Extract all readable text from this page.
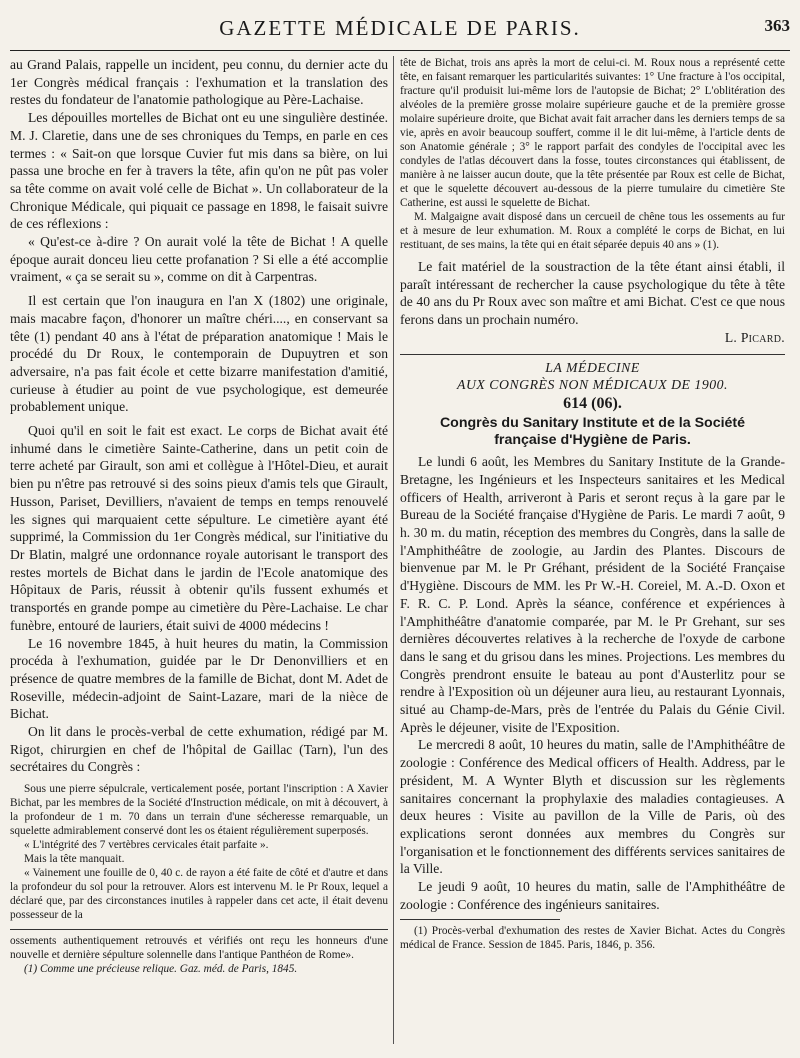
GAZETTE MÉDICALE DE PARIS.	363

au Grand Palais, rappelle un incident, peu connu, du dernier acte du 1er Congrès médical français : l'exhumation et la translation des restes du fondateur de l'anatomie pathologique au Père-Lachaise.

Les dépouilles mortelles de Bichat ont eu une singulière destinée. M. J. Claretie, dans une de ses chroniques du Temps, en parle en ces termes : « Sait-on que lorsque Cuvier fut mis dans sa bière, on lui passa une broche en fer à travers la tête, afin qu'on ne pût pas voler sa tête comme on avait volé celle de Bichat ». Un collaborateur de la Chronique Médicale, qui piquait ce passage en 1898, le faisait suivre de ces réflexions :

« Qu'est-ce à-dire ? On aurait volé la tête de Bichat ! A quelle époque aurait donceu lieu cette profanation ? Si elle a été accomplie vraiment, « ça se serait su », comme on dit à Carpentras.

Il est certain que l'on inaugura en l'an X (1802) une originale, mais macabre façon, d'honorer un maître chéri...., en conservant sa tête (1) pendant 40 ans à l'état de préparation anatomique ! Mais le procédé du Dr Roux, le contemporain de Dupuytren et son adversaire, n'a pas fait école et cette bizarre manifestation d'amitié, curieuse à étudier au point de vue psychologique, est demeurée probablement unique.

Quoi qu'il en soit le fait est exact. Le corps de Bichat avait été inhumé dans le cimetière Sainte-Catherine, dans un petit coin de terre acheté par Girault, son ami et collègue à l'Hôtel-Dieu, et aurait bien pu n'être pas retrouvé si des soins pieux d'amis tels que Girault, Husson, Pariset, Devilliers, n'avaient de temps en temps renouvelé les signes qui marquaient cette sépulture. Le cimetière ayant été supprimé, la Commission du 1er Congrès médical, sur l'initiative du Dr Blatin, malgré une ordonnance royale autorisant le transport des restes mortels de Bichat dans le jardin de l'Ecole anatomique des Hôpitaux de Paris, réussit à obtenir qu'ils fussent exhumés et transportés en grande pompe au cimetière du Père-Lachaise. Le char funèbre, entouré de lauriers, était suivi de 4000 médecins !

Le 16 novembre 1845, à huit heures du matin, la Commission procéda à l'exhumation, guidée par le Dr Denonvilliers et en présence de quatre membres de la famille de Bichat, dont M. Adet de Roseville, médecin-adjoint de Saint-Lazare, mari de la nièce de Bichat.

On lit dans le procès-verbal de cette exhumation, rédigé par M. Rigot, chirurgien en chef de l'hôpital de Gaillac (Tarn), l'un des secrétaires du Congrès :

Sous une pierre sépulcrale, verticalement posée, portant l'inscription : A Xavier Bichat, par les membres de la Société d'Instruction médicale, on mit à découvert, à la profondeur de 1 m. 70 dans un terrain d'une sécheresse remarquable, un squelette admirablement conservé dont les os étaient régulièrement superposés.

« L'intégrité des 7 vertèbres cervicales était parfaite ».

Mais la tête manquait.

« Vainement une fouille de 0, 40 c. de rayon a été faite de côté et d'autre et dans la profondeur du sol pour la retrouver. Alors est intervenu M. le Pr Roux, lequel a déclaré que, par des circonstances inutiles à rappeler dans cet acte, il était devenu possesseur de la

ossements authentiquement retrouvés et vérifiés ont reçu les honneurs d'une nouvelle et dernière sépulture solennelle dans l'antique Panthéon de Rome».

(1) Comme une précieuse relique. Gaz. méd. de Paris, 1845.

tête de Bichat, trois ans après la mort de celui-ci. M. Roux nous a représenté cette tête, en faisant remarquer les particularités suivantes: 1° Une fracture à l'os occipital, fracture qu'il produisit lui-même lors de l'autopsie de Bichat; 2° L'oblitération des alvéoles de la première grosse molaire supérieure gauche et de la première grosse molaire supérieure droite, que Bichat avait fait arracher dans les derniers temps de sa vie, après en avoir beaucoup souffert, comme il le dit lui-même, à l'article dents de son Anatomie générale ; 3° le rapport parfait des condyles de l'occipital avec les condyles de l'atlas découvert dans la fosse, toutes circonstances qui établissent, de manière à ne laisser aucun doute, que la tête présentée par Roux est celle de Bichat, et que le squelette découvert au-dessous de la pierre tumulaire du cimetière Ste Catherine, est aussi le squelette de Bichat.

M. Malgaigne avait disposé dans un cercueil de chêne tous les ossements au fur et à mesure de leur exhumation. M. Roux a complété le corps de Bichat, en lui restituant, de ses mains, la tête qui en était séparée depuis 40 ans » (1).

Le fait matériel de la soustraction de la tête étant ainsi établi, il paraît intéressant de rechercher la cause psychologique du tête à tête de 40 ans du Pr Roux avec son maître et ami Bichat. C'est ce que nous ferons dans un prochain numéro.

L. Picard.

LA MÉDECINE

AUX CONGRÈS NON MÉDICAUX DE 1900.

614 (06).

Congrès du Sanitary Institute et de la Société

française d'Hygiène de Paris.

Le lundi 6 août, les Membres du Sanitary Institute de la Grande-Bretagne, les Ingénieurs et les Inspecteurs sanitaires et les Medical officers of Health, arriveront à Paris et seront reçus à la gare par le Bureau de la Société française d'Hygiène de Paris. Le mardi 7 août, 9 h. 30 m. du matin, réception des membres du Congrès, dans la salle de l'Amphithéâtre de zoologie, au Jardin des Plantes. Discours de bienvenue par M. le Pr Gréhant, président de la Société Française d'Hygiène. Discours de MM. les Pr W.-H. Coreiel, M. A.-D. Oxon et F. R. C. P. Lond. Après la séance, conférence et expériences à l'Amphithéâtre d'anatomie comparée, par M. le Pr Grehant, sur ses dernières découvertes relatives à la recherche de l'oxyde de carbone dans le sang et du grisou dans les mines. Projections. Les membres du Congrès prendront ensuite le bateau au pont d'Austerlitz pour se rendre à l'Exposition où un déjeuner aura lieu, au restaurant Lyonnais, situé au Champ-de-Mars, près de l'entrée du Palais du Génie Civil. Après le déjeuner, visite de l'Exposition.

Le mercredi 8 août, 10 heures du matin, salle de l'Amphithéâtre de zoologie : Conférence des Medical officers of Health. Address, par le président, M. A Wynter Blyth et discussion sur les règlements sanitaires concernant la prophylaxie des maladies contagieuses. A deux heures : Visite au pavillon de la Ville de Paris, où des explications seront données aux membres du Congrès sur l'organisation et le fonctionnement des différents services sanitaires de la Ville.

Le jeudi 9 août, 10 heures du matin, salle de l'Amphithéâtre de zoologie : Conférence des ingénieurs sanitaires.

(1) Procès-verbal d'exhumation des restes de Xavier Bichat. Actes du Congrès médical de France. Session de 1845. Paris, 1846, p. 356.
